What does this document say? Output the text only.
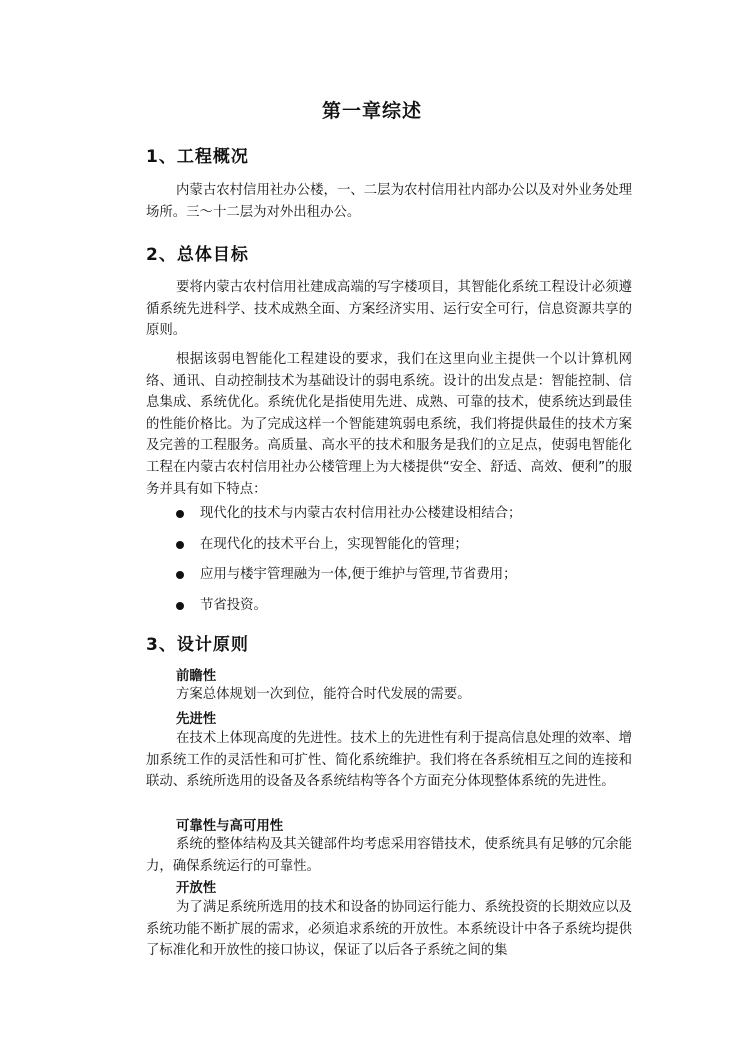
第一章综述
1、工程概况

内蒙古农村信用社办公楼，一、二层为农村信用社内部办公以及对外业务处理场所。三～十二层为对外出租办公。

2、总体目标

要将内蒙古农村信用社建成高端的写字楼项目，其智能化系统工程设计必须遵循系统先进科学、技术成熟全面、方案经济实用、运行安全可行，信息资源共享的原则。

根据该弱电智能化工程建设的要求，我们在这里向业主提供一个以计算机网络、通讯、自动控制技术为基础设计的弱电系统。设计的出发点是：智能控制、信息集成、系统优化。系统优化是指使用先进、成熟、可靠的技术，使系统达到最佳的性能价格比。为了完成这样一个智能建筑弱电系统，我们将提供最佳的技术方案及完善的工程服务。高质量、高水平的技术和服务是我们的立足点，使弱电智能化工程在内蒙古农村信用社办公楼管理上为大楼提供“安全、舒适、高效、便利”的服务并具有如下特点：

现代化的技术与内蒙古农村信用社办公楼建设相结合；
在现代化的技术平台上，实现智能化的管理；
应用与楼宇管理融为一体,便于维护与管理,节省费用；
节省投资。
3、设计原则
前瞻性

方案总体规划一次到位，能符合时代发展的需要。

先进性

在技术上体现高度的先进性。技术上的先进性有利于提高信息处理的效率、增加系统工作的灵活性和可扩性、简化系统维护。我们将在各系统相互之间的连接和联动、系统所选用的设备及各系统结构等各个方面充分体现整体系统的先进性。

可靠性与高可用性

系统的整体结构及其关键部件均考虑采用容错技术，使系统具有足够的冗余能力，确保系统运行的可靠性。

开放性

为了满足系统所选用的技术和设备的协同运行能力、系统投资的长期效应以及系统功能不断扩展的需求，必须追求系统的开放性。本系统设计中各子系统均提供了标准化和开放性的接口协议，保证了以后各子系统之间的集
